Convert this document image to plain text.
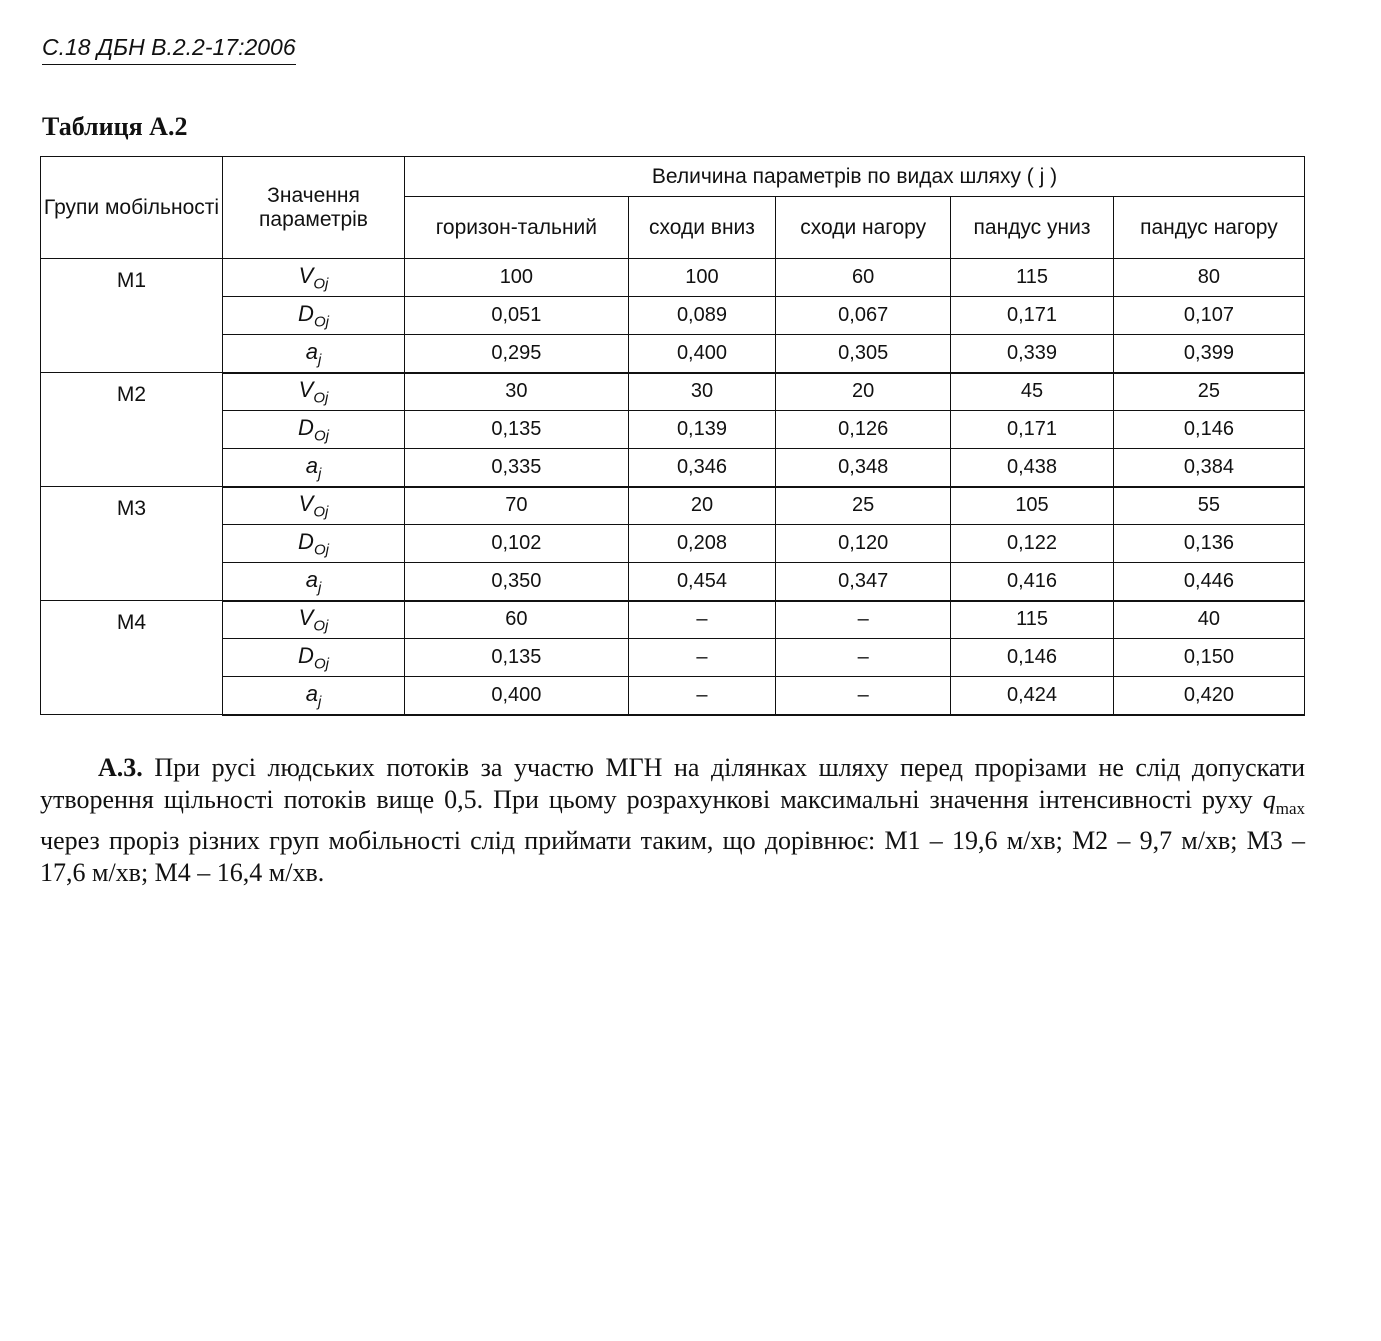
С.18 ДБН В.2.2-17:2006
Таблиця А.2
Групи мобільності	Значення параметрів	Величина параметрів по видах шляху ( j )				
		горизон-тальний	сходи вниз	сходи нагору	пандус униз	пандус нагору
М1	$V_{Oj}$	100	100	60	115	80
	$D_{Oj}$	0,051	0,089	0,067	0,171	0,107
	$a_j$	0,295	0,400	0,305	0,339	0,399
М2	$V_{Oj}$	30	30	20	45	25
	$D_{Oj}$	0,135	0,139	0,126	0,171	0,146
	$a_j$	0,335	0,346	0,348	0,438	0,384
М3	$V_{Oj}$	70	20	25	105	55
	$D_{Oj}$	0,102	0,208	0,120	0,122	0,136
	$a_j$	0,350	0,454	0,347	0,416	0,446
М4	$V_{Oj}$	60	–	–	115	40
	$D_{Oj}$	0,135	–	–	0,146	0,150
	$a_j$	0,400	–	–	0,424	0,420

А.3. При русі людських потоків за участю МГН на ділянках шляху перед прорізами не слід допускати утворення щільності потоків вище 0,5. При цьому розрахункові максимальні значення інтенсивності руху $q_{max}$ через проріз різних груп мобільності слід приймати таким, що дорівнює: М1 – 19,6 м/хв; М2 – 9,7 м/хв; М3 – 17,6 м/хв; М4 – 16,4 м/хв.
